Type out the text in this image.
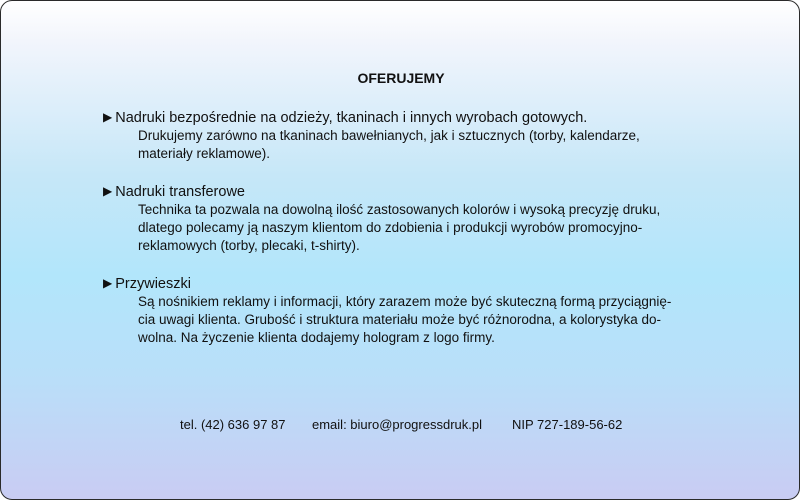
OFERUJEMY
▶ Nadruki bezpośrednie na odzieży, tkaninach i innych wyrobach gotowych.
Drukujemy zarówno na tkaninach bawełnianych, jak i sztucznych (torby, kalendarze,
materiały reklamowe).
▶ Nadruki transferowe
Technika ta pozwala na dowolną ilość zastosowanych kolorów i wysoką precyzję druku,
dlatego polecamy ją naszym klientom do zdobienia i produkcji wyrobów promocyjno-
reklamowych (torby, plecaki, t-shirty).
▶ Przywieszki
Są nośnikiem reklamy i informacji, który zarazem może być skuteczną formą przyciągnię-
cia uwagi klienta. Grubość i struktura materiału może być różnorodna, a kolorystyka do-
wolna. Na życzenie klienta dodajemy hologram z logo firmy.
tel. (42) 636 97 87 email: biuro@progressdruk.pl NIP 727-189-56-62
